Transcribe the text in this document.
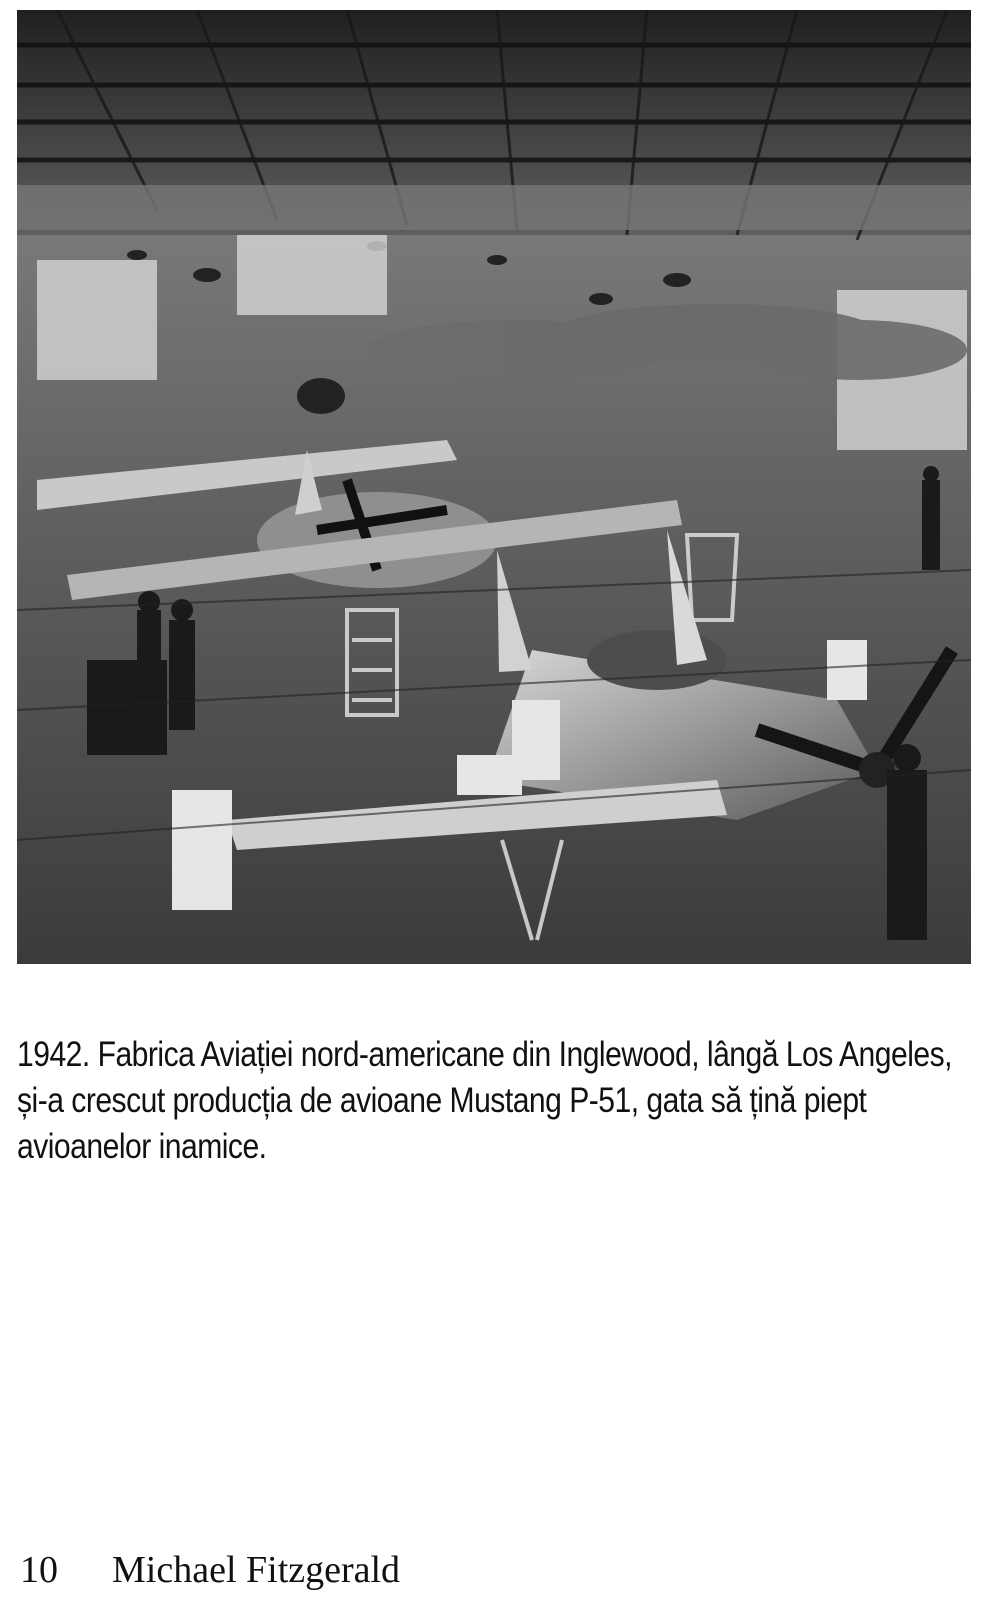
1942. Fabrica Aviației nord-americane din Inglewood, lângă Los Angeles, și-a crescut producția de avioane Mustang P-51, gata să țină piept avioanelor inamice.

10 Michael Fitzgerald
